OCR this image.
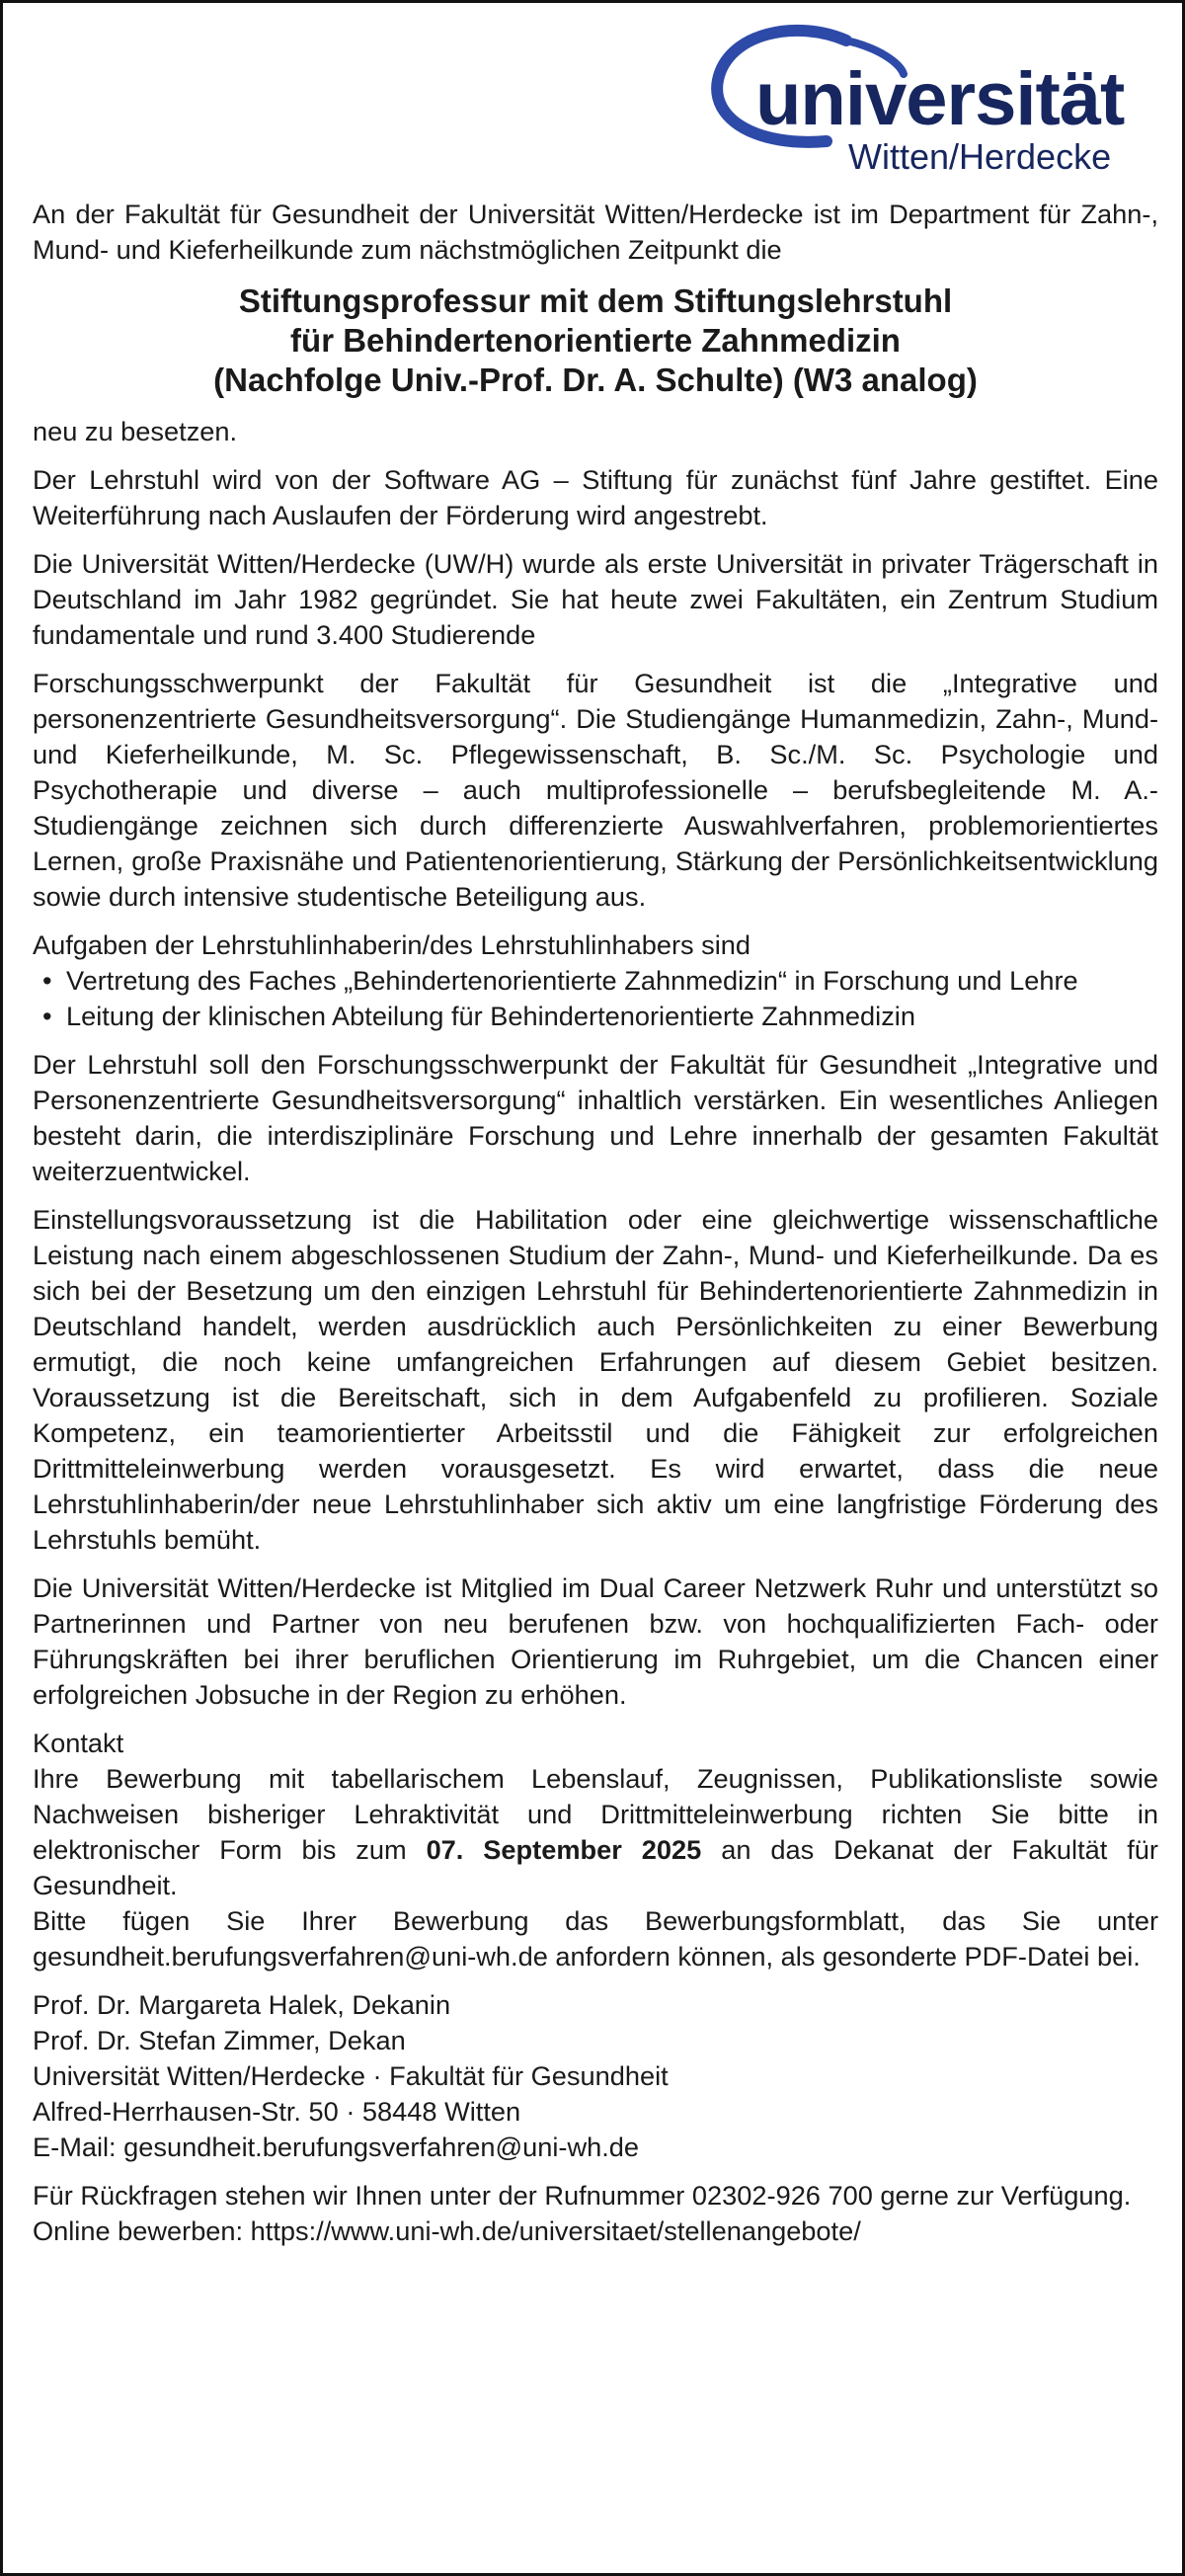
universität
Witten/Herdecke

An der Fakultät für Gesundheit der Universität Witten/Herdecke ist im Department für Zahn-, Mund- und Kieferheilkunde zum nächstmöglichen Zeitpunkt die

Stiftungsprofessur mit dem Stiftungslehrstuhl
für Behindertenorientierte Zahnmedizin
(Nachfolge Univ.-Prof. Dr. A. Schulte) (W3 analog)

neu zu besetzen.

Der Lehrstuhl wird von der Software AG – Stiftung für zunächst fünf Jahre gestiftet. Eine Weiterführung nach Auslaufen der Förderung wird angestrebt.

Die Universität Witten/Herdecke (UW/H) wurde als erste Universität in privater Trägerschaft in Deutschland im Jahr 1982 gegründet. Sie hat heute zwei Fakultäten, ein Zentrum Studium fundamentale und rund 3.400 Studierende

Forschungsschwerpunkt der Fakultät für Gesundheit ist die „Integrative und personenzentrierte Gesundheitsversorgung“. Die Studiengänge Humanmedizin, Zahn-, Mund- und Kieferheilkunde, M. Sc. Pflegewissenschaft, B. Sc./M. Sc. Psychologie und Psychotherapie und diverse – auch multiprofessionelle – berufsbegleitende M. A.-Studiengänge zeichnen sich durch differenzierte Auswahlverfahren, problemorientiertes Lernen, große Praxisnähe und Patientenorientierung, Stärkung der Persönlichkeitsentwicklung sowie durch intensive studentische Beteiligung aus.

Aufgaben der Lehrstuhlinhaberin/des Lehrstuhlinhabers sind

• Vertretung des Faches „Behindertenorientierte Zahnmedizin“ in Forschung und Lehre
• Leitung der klinischen Abteilung für Behindertenorientierte Zahnmedizin

Der Lehrstuhl soll den Forschungsschwerpunkt der Fakultät für Gesundheit „Integrative und Personenzentrierte Gesundheitsversorgung“ inhaltlich verstärken. Ein wesentliches Anliegen besteht darin, die interdisziplinäre Forschung und Lehre innerhalb der gesamten Fakultät weiterzuentwickel.

Einstellungsvoraussetzung ist die Habilitation oder eine gleichwertige wissenschaftliche Leistung nach einem abgeschlossenen Studium der Zahn-, Mund- und Kieferheilkunde. Da es sich bei der Besetzung um den einzigen Lehrstuhl für Behindertenorientierte Zahnmedizin in Deutschland handelt, werden ausdrücklich auch Persönlichkeiten zu einer Bewerbung ermutigt, die noch keine umfangreichen Erfahrungen auf diesem Gebiet besitzen. Voraussetzung ist die Bereitschaft, sich in dem Aufgabenfeld zu profilieren. Soziale Kompetenz, ein teamorientierter Arbeitsstil und die Fähigkeit zur erfolgreichen Drittmitteleinwerbung werden vorausgesetzt. Es wird erwartet, dass die neue Lehrstuhlinhaberin/der neue Lehrstuhlinhaber sich aktiv um eine langfristige Förderung des Lehrstuhls bemüht.

Die Universität Witten/Herdecke ist Mitglied im Dual Career Netzwerk Ruhr und unterstützt so Partnerinnen und Partner von neu berufenen bzw. von hochqualifizierten Fach- oder Führungskräften bei ihrer beruflichen Orientierung im Ruhrgebiet, um die Chancen einer erfolgreichen Jobsuche in der Region zu erhöhen.

Kontakt

Ihre Bewerbung mit tabellarischem Lebenslauf, Zeugnissen, Publikationsliste sowie Nachweisen bisheriger Lehraktivität und Drittmitteleinwerbung richten Sie bitte in elektronischer Form bis zum 07. September 2025 an das Dekanat der Fakultät für Gesundheit.

Bitte fügen Sie Ihrer Bewerbung das Bewerbungsformblatt, das Sie unter gesundheit.berufungsverfahren@uni-wh.de anfordern können, als gesonderte PDF-Datei bei.

Prof. Dr. Margareta Halek, Dekanin
Prof. Dr. Stefan Zimmer, Dekan
Universität Witten/Herdecke · Fakultät für Gesundheit
Alfred-Herrhausen-Str. 50 · 58448 Witten
E-Mail: gesundheit.berufungsverfahren@uni-wh.de

Für Rückfragen stehen wir Ihnen unter der Rufnummer 02302-926 700 gerne zur Verfügung.

Online bewerben: https://www.uni-wh.de/universitaet/stellenangebote/
